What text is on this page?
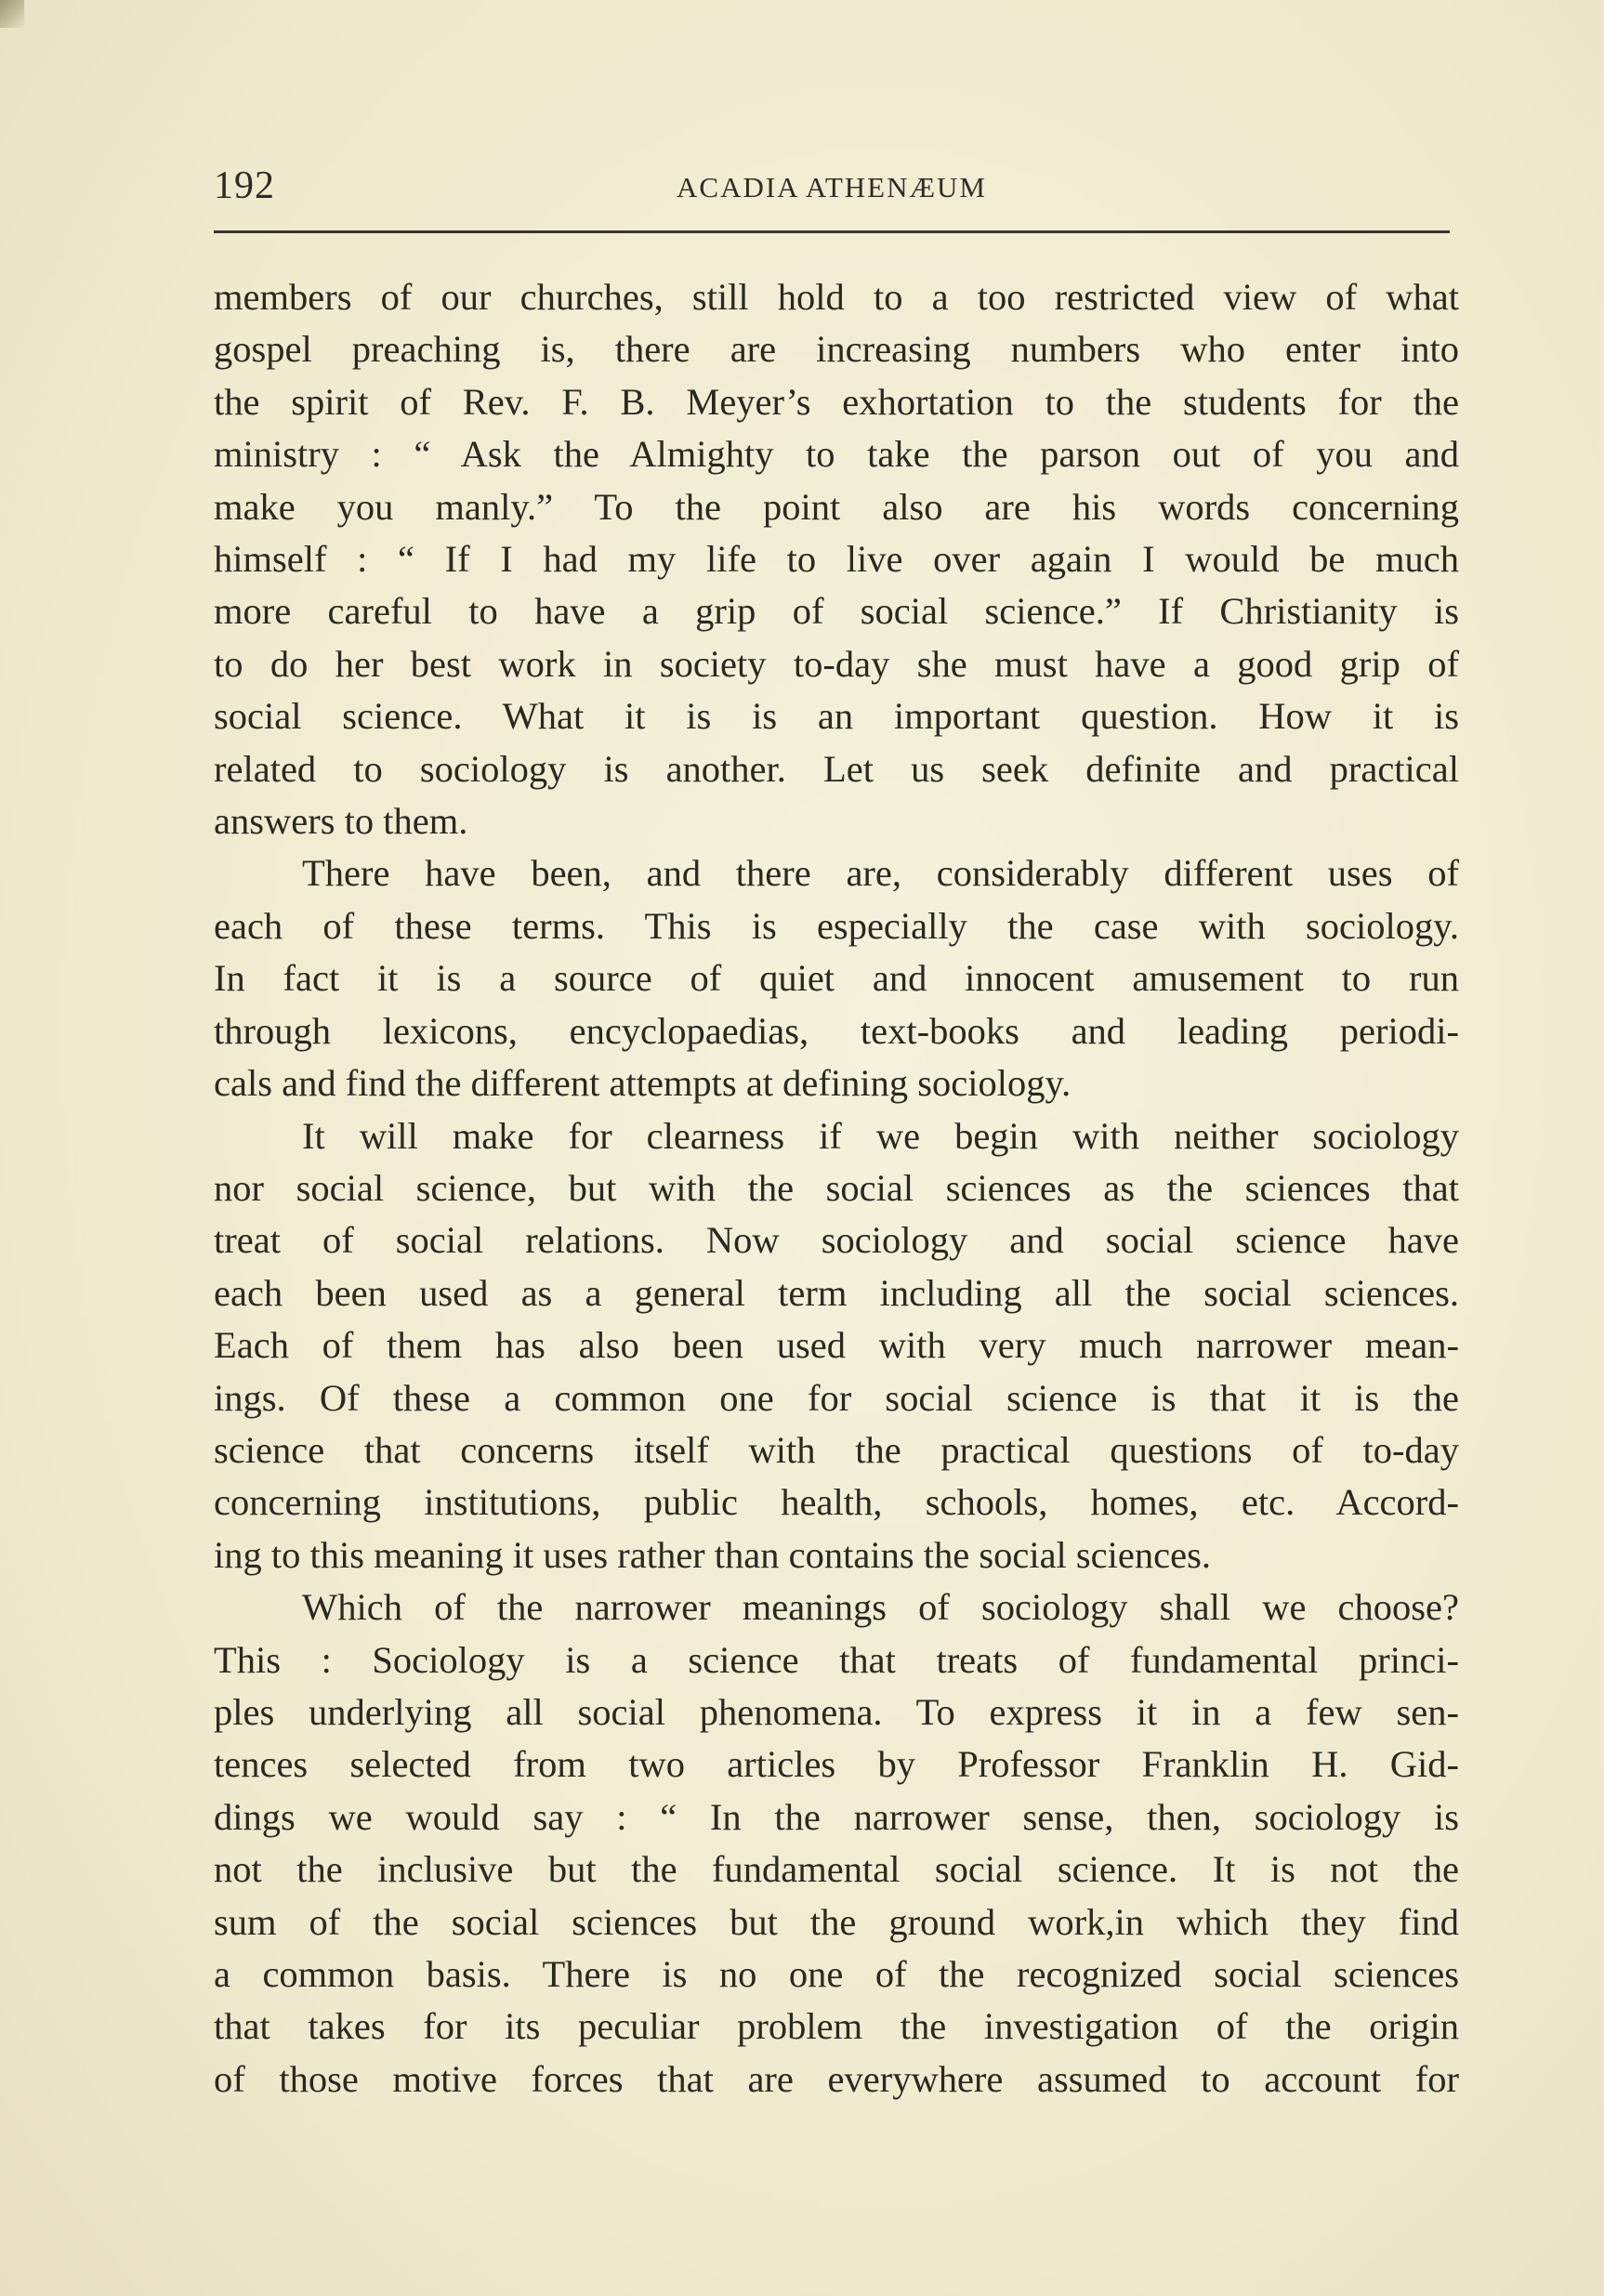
192	ACADIA ATHENÆUM
members of our churches, still hold to a too restricted view of what
gospel preaching is, there are increasing numbers who enter into
the spirit of Rev. F. B. Meyer’s exhortation to the students for the
ministry : “ Ask the Almighty to take the parson out of you and
make you manly.” To the point also are his words concerning
himself : “ If I had my life to live over again I would be much
more careful to have a grip of social science.” If Christianity is
to do her best work in society to-day she must have a good grip of
social science. What it is is an important question. How it is
related to sociology is another. Let us seek definite and practical
answers to them.
There have been, and there are, considerably different uses of
each of these terms. This is especially the case with sociology.
In fact it is a source of quiet and innocent amusement to run
through lexicons, encyclopaedias, text-books and leading periodi-
cals and find the different attempts at defining sociology.
It will make for clearness if we begin with neither sociology
nor social science, but with the social sciences as the sciences that
treat of social relations. Now sociology and social science have
each been used as a general term including all the social sciences.
Each of them has also been used with very much narrower mean-
ings. Of these a common one for social science is that it is the
science that concerns itself with the practical questions of to-day
concerning institutions, public health, schools, homes, etc. Accord-
ing to this meaning it uses rather than contains the social sciences.
Which of the narrower meanings of sociology shall we choose?
This : Sociology is a science that treats of fundamental princi-
ples underlying all social phenomena. To express it in a few sen-
tences selected from two articles by Professor Franklin H. Gid-
dings we would say : “ In the narrower sense, then, sociology is
not the inclusive but the fundamental social science. It is not the
sum of the social sciences but the ground work,in which they find
a common basis. There is no one of the recognized social sciences
that takes for its peculiar problem the investigation of the origin
of those motive forces that are everywhere assumed to account for
